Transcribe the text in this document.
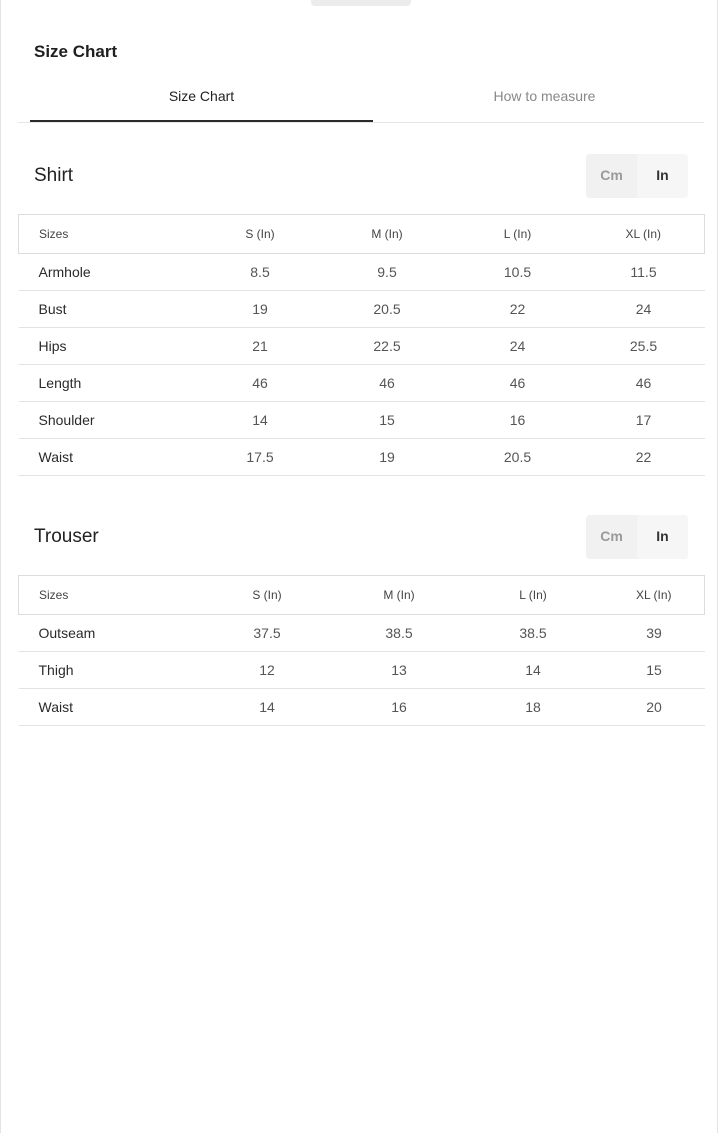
Size Chart
Size Chart	How to measure
Shirt	Cm	In
Sizes	S (In)	M (In)	L (In)	XL (In)
Armhole	8.5	9.5	10.5	11.5
Bust	19	20.5	22	24
Hips	21	22.5	24	25.5
Length	46	46	46	46
Shoulder	14	15	16	17
Waist	17.5	19	20.5	22
Trouser	Cm	In
Sizes	S (In)	M (In)	L (In)	XL (In)
Outseam	37.5	38.5	38.5	39
Thigh	12	13	14	15
Waist	14	16	18	20
